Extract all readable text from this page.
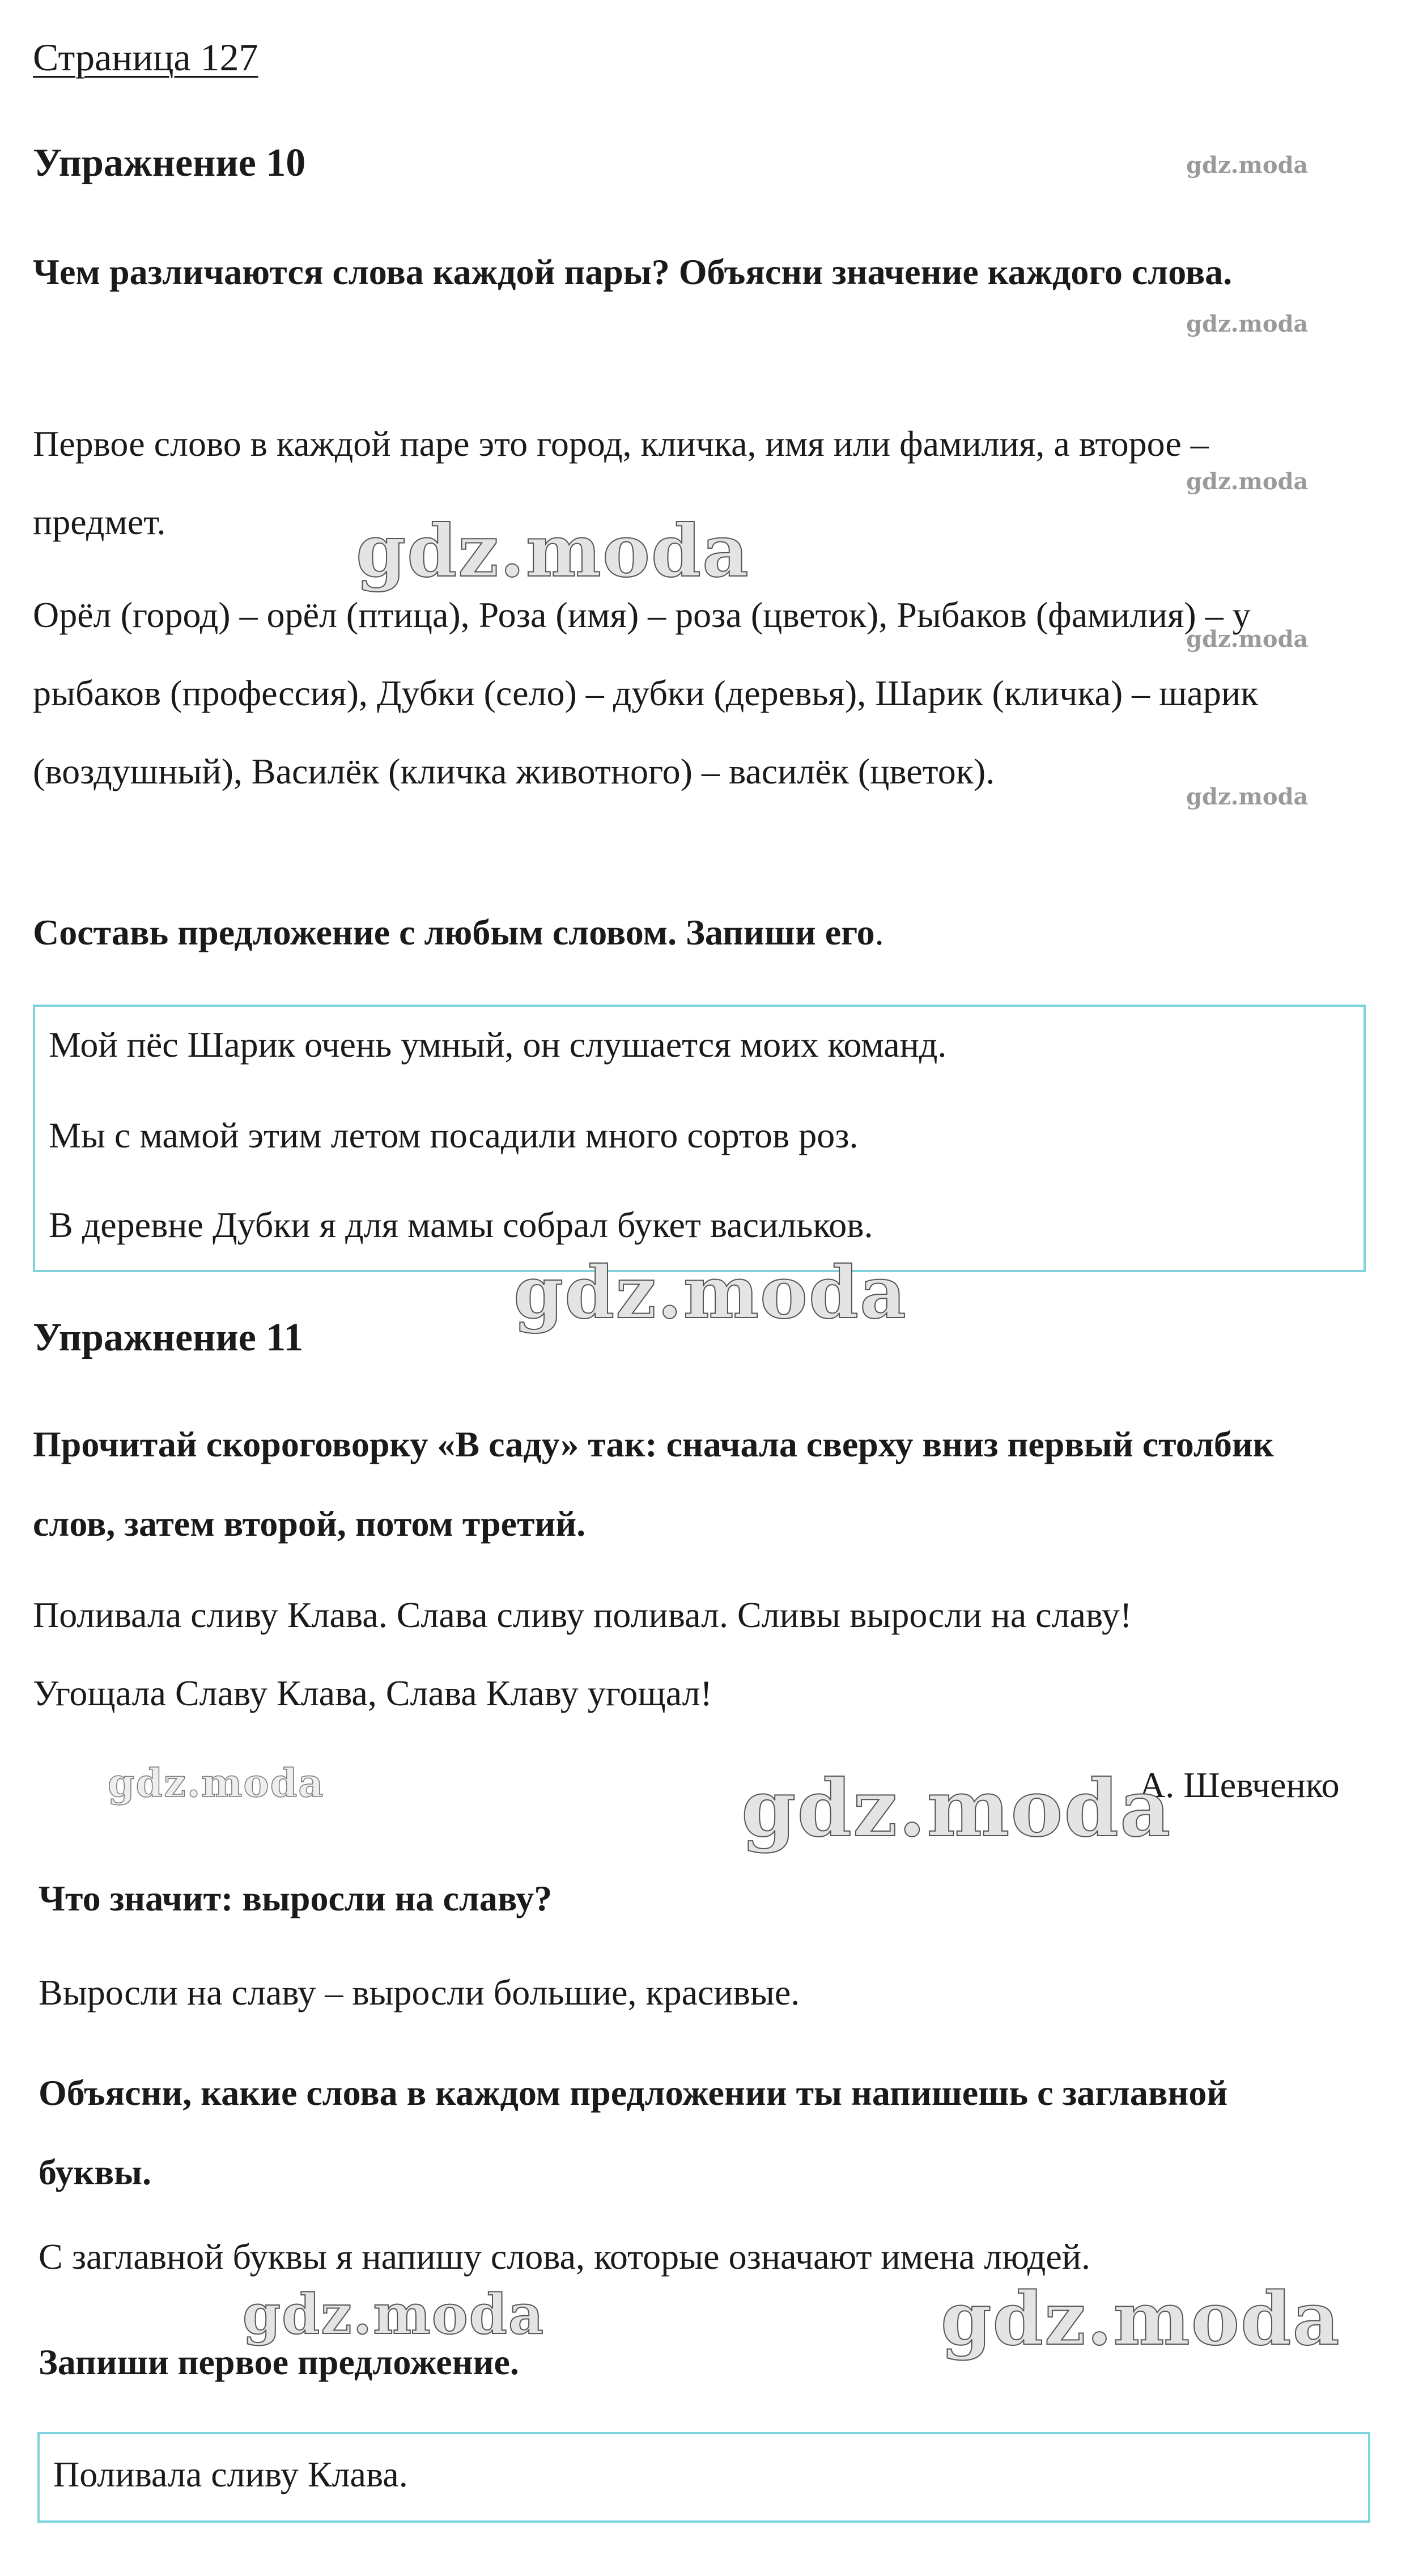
Страница 127
Упражнение 10
Чем различаются слова каждой пары? Объясни значение каждого слова.
Первое слово в каждой паре это город, кличка, имя или фамилия, а второе – предмет.
Орёл (город) – орёл (птица), Роза (имя) – роза (цветок), Рыбаков (фамилия) – у рыбаков (профессия), Дубки (село) – дубки (деревья), Шарик (кличка) – шарик (воздушный), Василёк (кличка животного) – василёк (цветок).
Составь предложение с любым словом. Запиши его.
Мой пёс Шарик очень умный, он слушается моих команд.
Мы с мамой этим летом посадили много сортов роз.
В деревне Дубки я для мамы собрал букет васильков.
Упражнение 11
Прочитай скороговорку «В саду» так: сначала сверху вниз первый столбик слов, затем второй, потом третий.
Поливала сливу Клава. Слава сливу поливал. Сливы выросли на славу!
Угощала Славу Клава, Слава Клаву угощал!
А. Шевченко
Что значит: выросли на славу?
Выросли на славу – выросли большие, красивые.
Объясни, какие слова в каждом предложении ты напишешь с заглавной буквы.
С заглавной буквы я напишу слова, которые означают имена людей.
Запиши первое предложение.
Поливала сливу Клава.
gdz.moda
gdz.moda
gdz.moda
gdz.moda
gdz.moda
gdz.moda
gdz.moda
gdz.moda	gdz.moda
gdz.moda	gdz.moda
